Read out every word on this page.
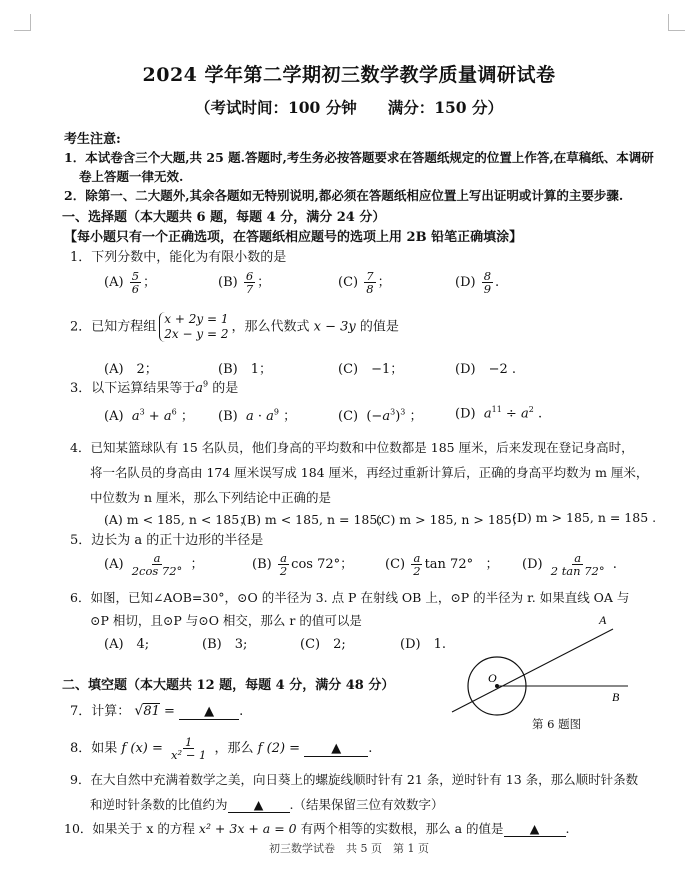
2024 学年第二学期初三数学教学质量调研试卷
（考试时间：100 分钟　　满分：150 分）
考生注意:
1．本试卷含三个大题,共 25 题.答题时,考生务必按答题要求在答题纸规定的位置上作答,在草稿纸、本调研
卷上答题一律无效.
2．除第一、二大题外,其余各题如无特别说明,都必须在答题纸相应位置上写出证明或计算的主要步骤.
一、选择题（本大题共 6 题，每题 4 分，满分 24 分）
【每小题只有一个正确选项，在答题纸相应题号的选项上用 2B 铅笔正确填涂】
1．下列分数中，能化为有限小数的是
$(A) \frac{5}{6}$ ；	$(B) \frac{6}{7}$ ；	$(C) \frac{7}{8}$ ；	$(D) \frac{8}{9}$ .
2．已知方程组x + 2y = 1
2x − y = 2 ，那么代数式 x − 3y 的值是
(A)　2；	(B)　1；	(C)　−1；	(D)　−2 .
3．以下运算结果等于$a^9$ 的是
(A) $a^3 + a^6$ ； (B) $a \cdot a^9$ ；	(C)  $(-a^3)^3$ ；	(D) $a^{11} \div a^2$ .
4．已知某篮球队有 15 名队员，他们身高的平均数和中位数都是 185 厘米，后来发现在登记身高时，
将一名队员的身高由 174 厘米误写成 184 厘米，再经过重新计算后，正确的身高平均数为 m 厘米，
中位数为 n 厘米，那么下列结论中正确的是
(A) m < 185, n < 185；
(B) m < 185, n = 185；
(C) m > 185, n > 185；
(D) m > 185, n = 185 .
5．边长为 a 的正十边形的半径是
$(A) \frac{a}{2\cos 72^\circ}$ ；	$(B) \frac{a}{2}$ cos 72°； $(C) \frac{a}{2}$ tan 72°   ； $(D) \frac{a}{2 \tan 72^\circ}$ .
6．如图，已知∠AOB=30°，⊙O 的半径为 3. 点 P 在射线 OB 上，⊙P 的半径为 r. 如果直线 OA 与
⊙P 相切，且⊙P 与⊙O 相交，那么 r 的值可以是
(A)　4;	(B)　3;	(C)　2;	(D)　1.
A
B
O
第 6 题图
二、填空题（本大题共 12 题，每题 4 分，满分 48 分）
7．计算： √81 = ▲ .
8．如果 f $(x) = \frac{1}{\text{x² − 1}}$ ，那么 f (2) = ▲ .
9．在大自然中充满着数学之美，向日葵上的螺旋线顺时针有 21 条，逆时针有 13 条，那么顺时针条数
和逆时针条数的比值约为 ▲ .（结果保留三位有效数字）
10．如果关于 x 的方程 x² + 3x + a = 0 有两个相等的实数根，那么 a 的值是 ▲ .
初三数学试卷　共 5 页　第 1 页
